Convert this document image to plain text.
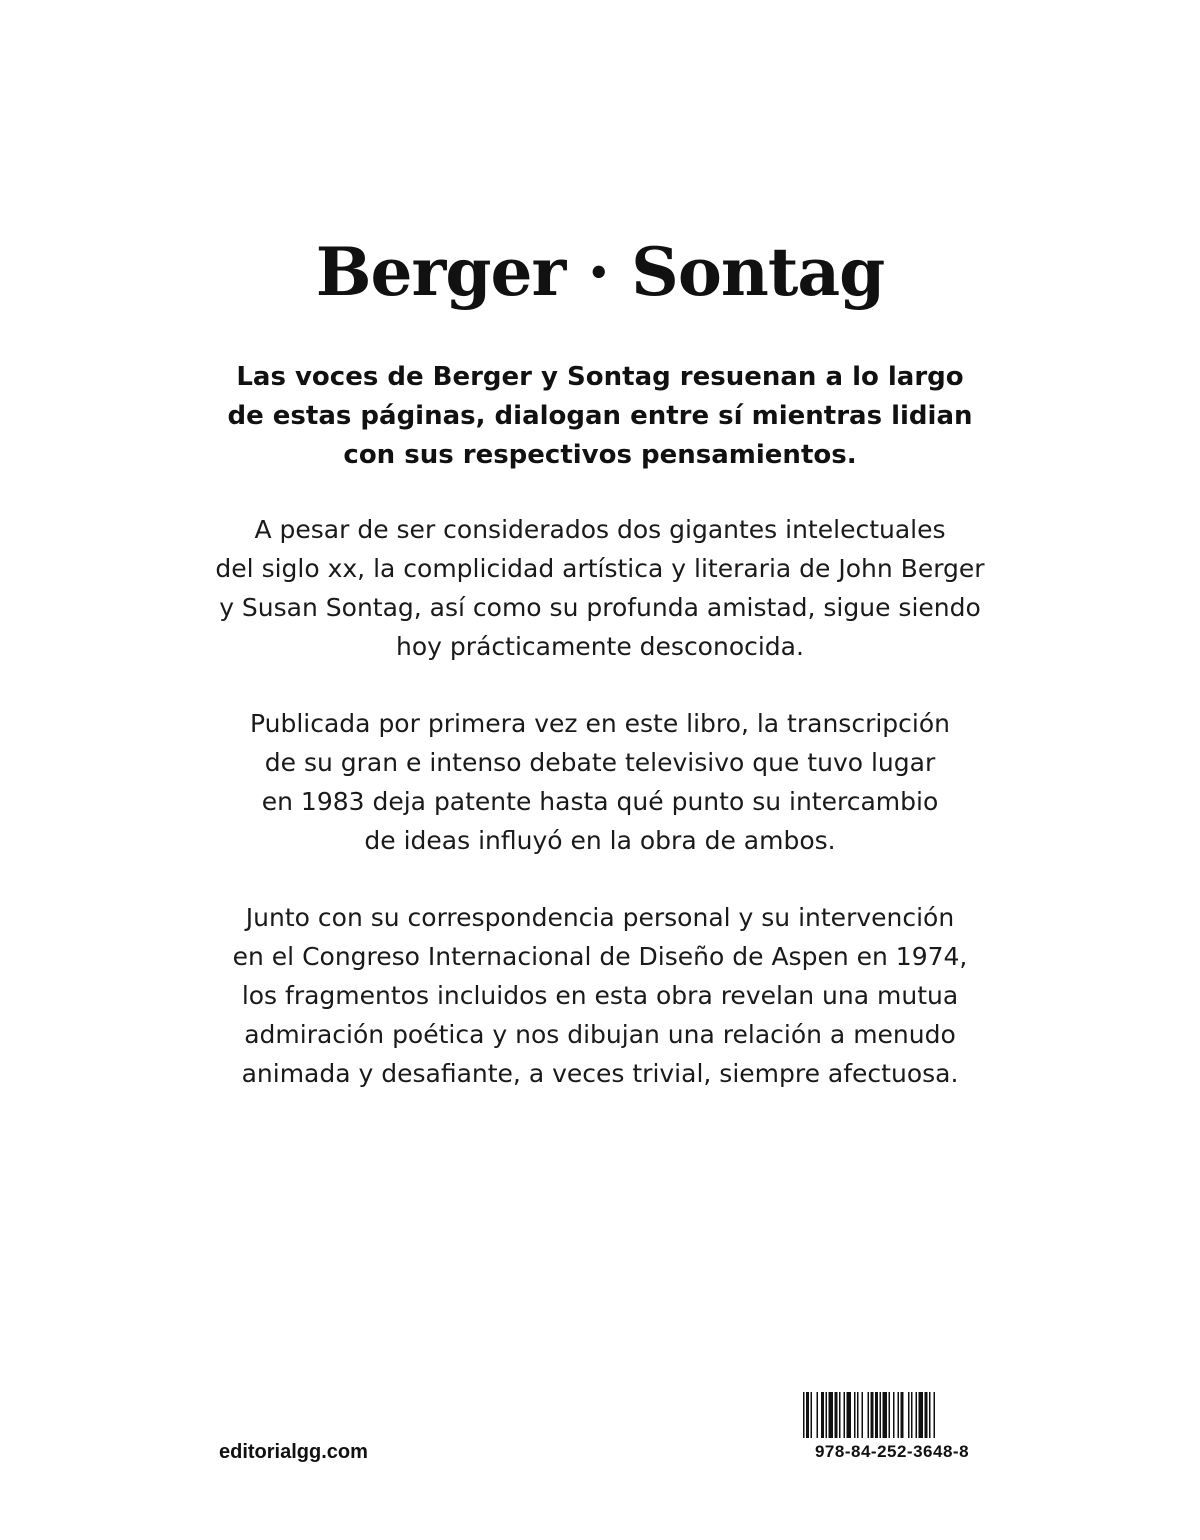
Berger · Sontag

Las voces de Berger y Sontag resuenan a lo largo
de estas páginas, dialogan entre sí mientras lidian
con sus respectivos pensamientos.

A pesar de ser considerados dos gigantes intelectuales
del siglo xx, la complicidad artística y literaria de John Berger
y Susan Sontag, así como su profunda amistad, sigue siendo
hoy prácticamente desconocida.

Publicada por primera vez en este libro, la transcripción
de su gran e intenso debate televisivo que tuvo lugar
en 1983 deja patente hasta qué punto su intercambio
de ideas influyó en la obra de ambos.

Junto con su correspondencia personal y su intervención
en el Congreso Internacional de Diseño de Aspen en 1974,
los fragmentos incluidos en esta obra revelan una mutua
admiración poética y nos dibujan una relación a menudo
animada y desafiante, a veces trivial, siempre afectuosa.

editorialgg.com	978-84-252-3648-8
